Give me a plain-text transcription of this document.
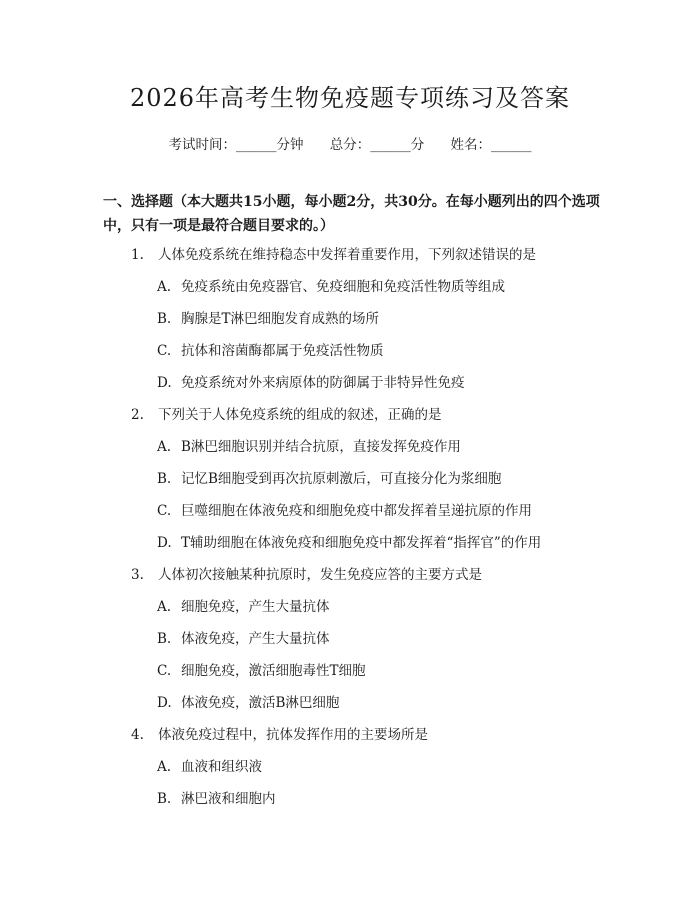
2026年高考生物免疫题专项练习及答案
考试时间：______分钟 总分：______分 姓名：______
一、选择题（本大题共15小题，每小题2分，共30分。在每小题列出的四个选项中，只有一项是最符合题目要求的。）
1. 人体免疫系统在维持稳态中发挥着重要作用，下列叙述错误的是
A. 免疫系统由免疫器官、免疫细胞和免疫活性物质等组成
B. 胸腺是T淋巴细胞发育成熟的场所
C. 抗体和溶菌酶都属于免疫活性物质
D. 免疫系统对外来病原体的防御属于非特异性免疫
2. 下列关于人体免疫系统的组成的叙述，正确的是
A. B淋巴细胞识别并结合抗原，直接发挥免疫作用
B. 记忆B细胞受到再次抗原刺激后，可直接分化为浆细胞
C. 巨噬细胞在体液免疫和细胞免疫中都发挥着呈递抗原的作用
D. T辅助细胞在体液免疫和细胞免疫中都发挥着“指挥官”的作用
3. 人体初次接触某种抗原时，发生免疫应答的主要方式是
A. 细胞免疫，产生大量抗体
B. 体液免疫，产生大量抗体
C. 细胞免疫，激活细胞毒性T细胞
D. 体液免疫，激活B淋巴细胞
4. 体液免疫过程中，抗体发挥作用的主要场所是
A. 血液和组织液
B. 淋巴液和细胞内
